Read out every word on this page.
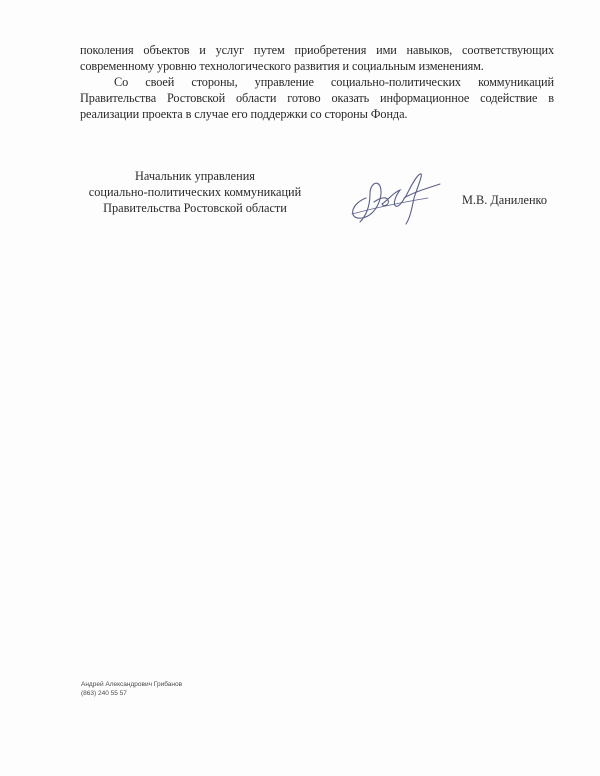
поколения объектов и услуг путем приобретения ими навыков, соответствующих
современному уровню технологического развития и социальным изменениям.
Со своей стороны, управление социально-политических коммуникаций
Правительства Ростовской области готово оказать информационное содействие в
реализации проекта в случае его поддержки со стороны Фонда.
Начальник управления
социально-политических коммуникаций
Правительства Ростовской области
М.В. Даниленко
Андрей Александрович Грибанов
(863) 240 55 57
